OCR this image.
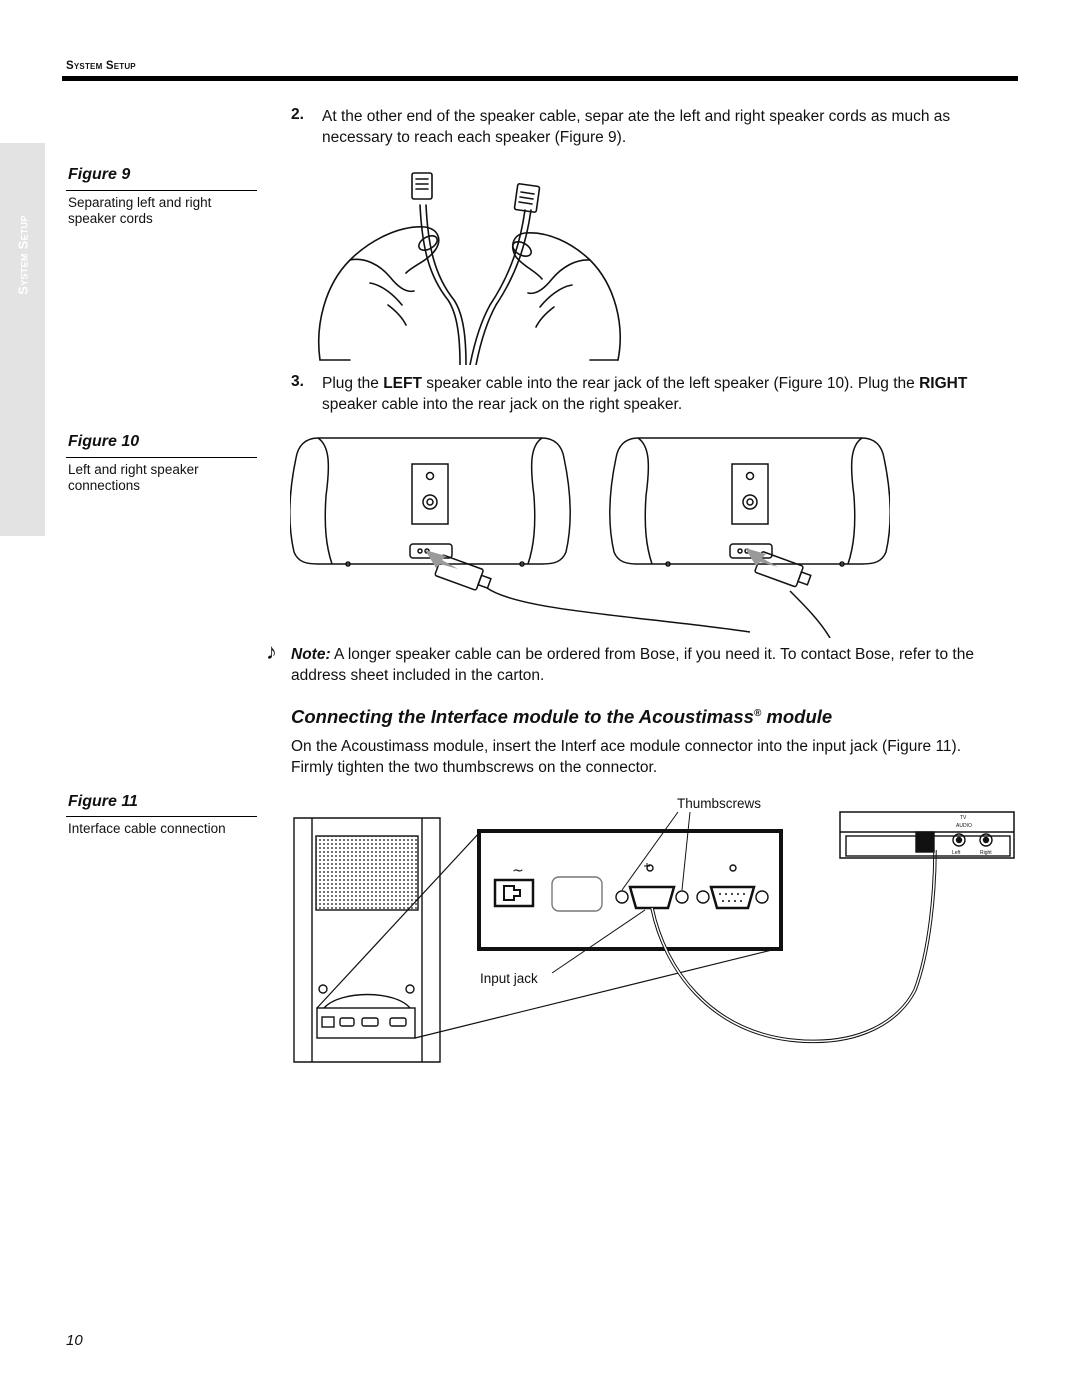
System Setup
System Setup
2. At the other end of the speaker cable, separ ate the left and right speaker cords as much as necessary to reach each speaker (Figure 9).
Figure 9
Separating left and right speaker cords
3. Plug the LEFT speaker cable into the rear jack of the left speaker (Figure 10). Plug the RIGHT speaker cable into the rear jack on the right speaker.
Figure 10
Left and right speaker connections
♪ Note: A longer speaker cable can be ordered from Bose, if you need it. To contact Bose, refer to the address sheet included in the carton.
Connecting the Interface module to the Acoustimass® module
On the Acoustimass module, insert the Interf ace module connector into the input jack (Figure 11). Firmly tighten the two thumbscrews on the connector.
Figure 11
Interface cable connection
~
TV
AUDIO
Left	Right
Thumbscrews
Input jack
10
